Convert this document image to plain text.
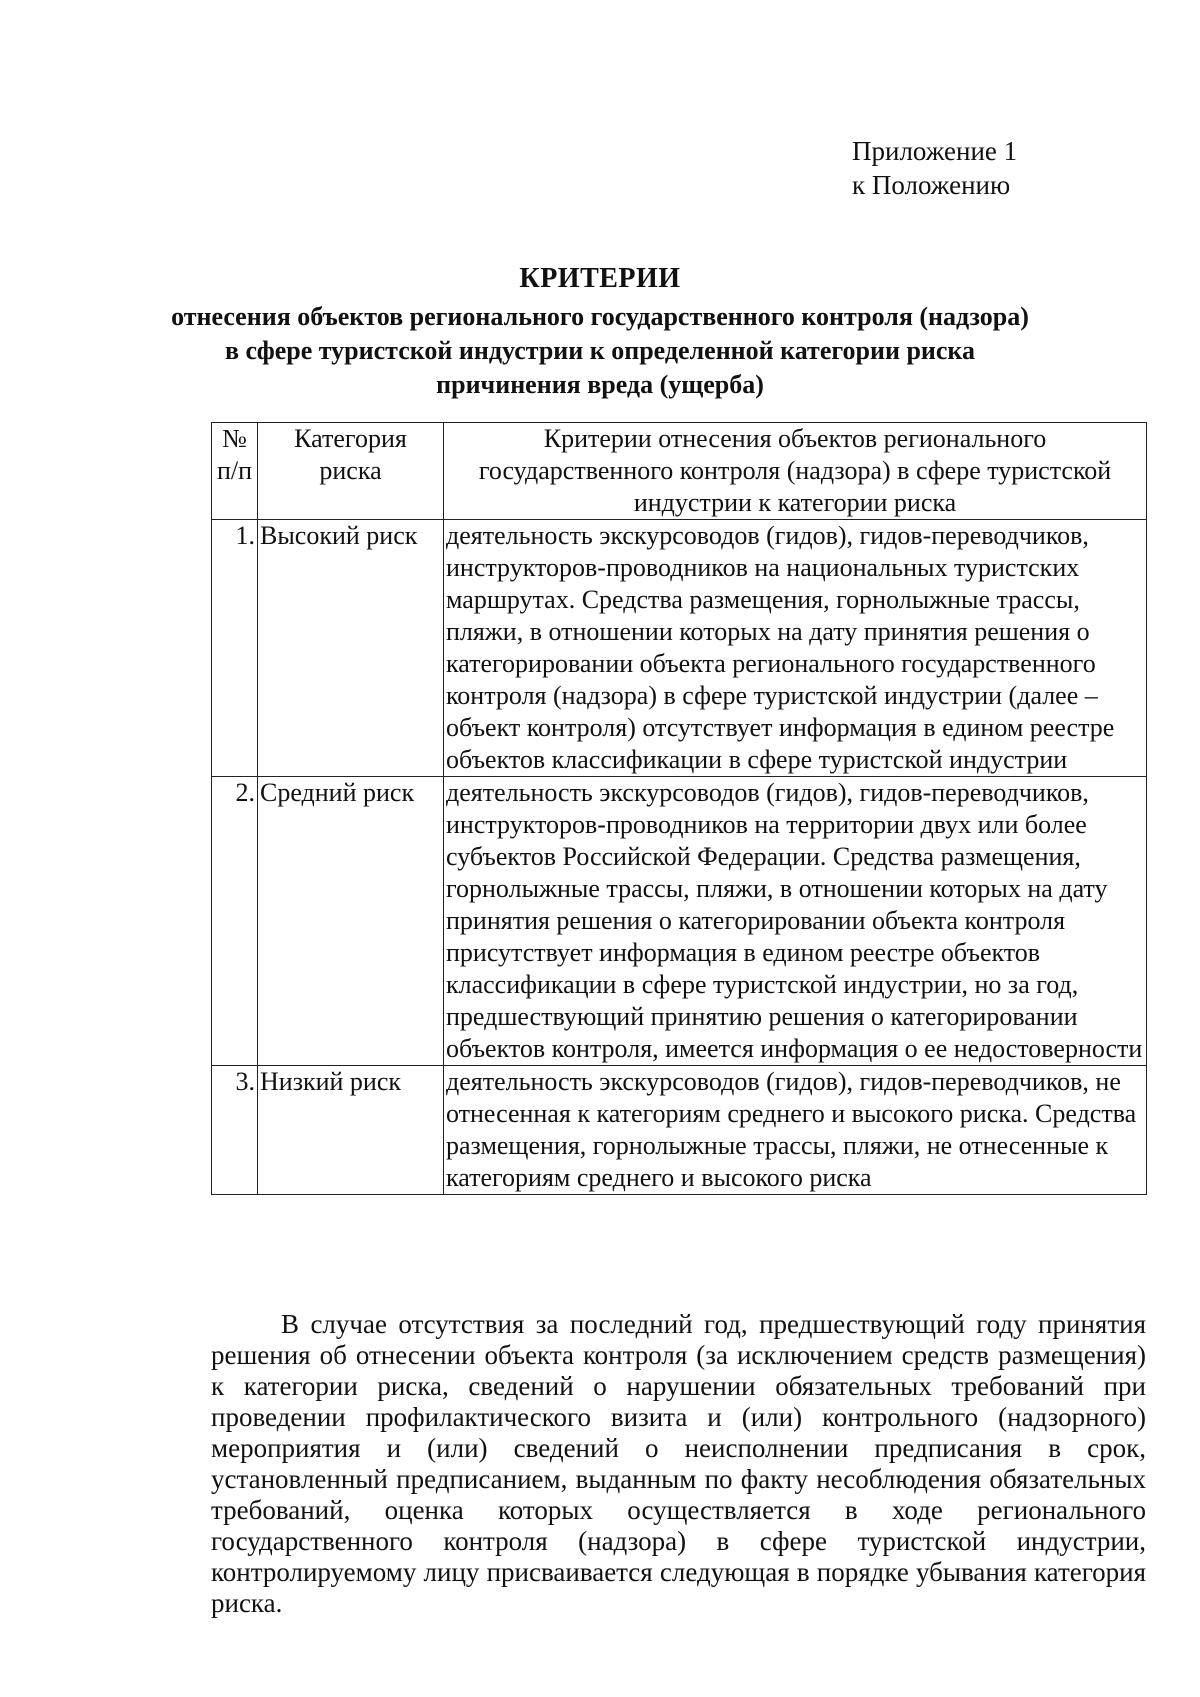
Приложение 1
к Положению
КРИТЕРИИ
отнесения объектов регионального государственного контроля (надзора)
в сфере туристской индустрии к определенной категории риска
причинения вреда (ущерба)
№ п/п	Категория риска	Критерии отнесения объектов регионального государственного контроля (надзора) в сфере туристской индустрии к категории риска
1.	Высокий риск	деятельность экскурсоводов (гидов), гидов-переводчиков, инструкторов-проводников на национальных туристских маршрутах. Средства размещения, горнолыжные трассы, пляжи, в отношении которых на дату принятия решения о категорировании объекта регионального государственного контроля (надзора) в сфере туристской индустрии (далее – объект контроля) отсутствует информация в едином реестре объектов классификации в сфере туристской индустрии
2.	Средний риск	деятельность экскурсоводов (гидов), гидов-переводчиков, инструкторов-проводников на территории двух или более субъектов Российской Федерации. Средства размещения, горнолыжные трассы, пляжи, в отношении которых на дату принятия решения о категорировании объекта контроля присутствует информация в едином реестре объектов классификации в сфере туристской индустрии, но за год, предшествующий принятию решения о категорировании объектов контроля, имеется информация о ее недостоверности
3.	Низкий риск	деятельность экскурсоводов (гидов), гидов-переводчиков, не отнесенная к категориям среднего и высокого риска. Средства размещения, горнолыжные трассы, пляжи, не отнесенные к категориям среднего и высокого риска

В случае отсутствия за последний год, предшествующий году принятия решения об отнесении объекта контроля (за исключением средств размещения) к категории риска, сведений о нарушении обязательных требований при проведении профилактического визита и (или) контрольного (надзорного) мероприятия и (или) сведений о неисполнении предписания в срок, установленный предписанием, выданным по факту несоблюдения обязательных требований, оценка которых осуществляется в ходе регионального государственного контроля (надзора) в сфере туристской индустрии, контролируемому лицу присваивается следующая в порядке убывания категория риска.
